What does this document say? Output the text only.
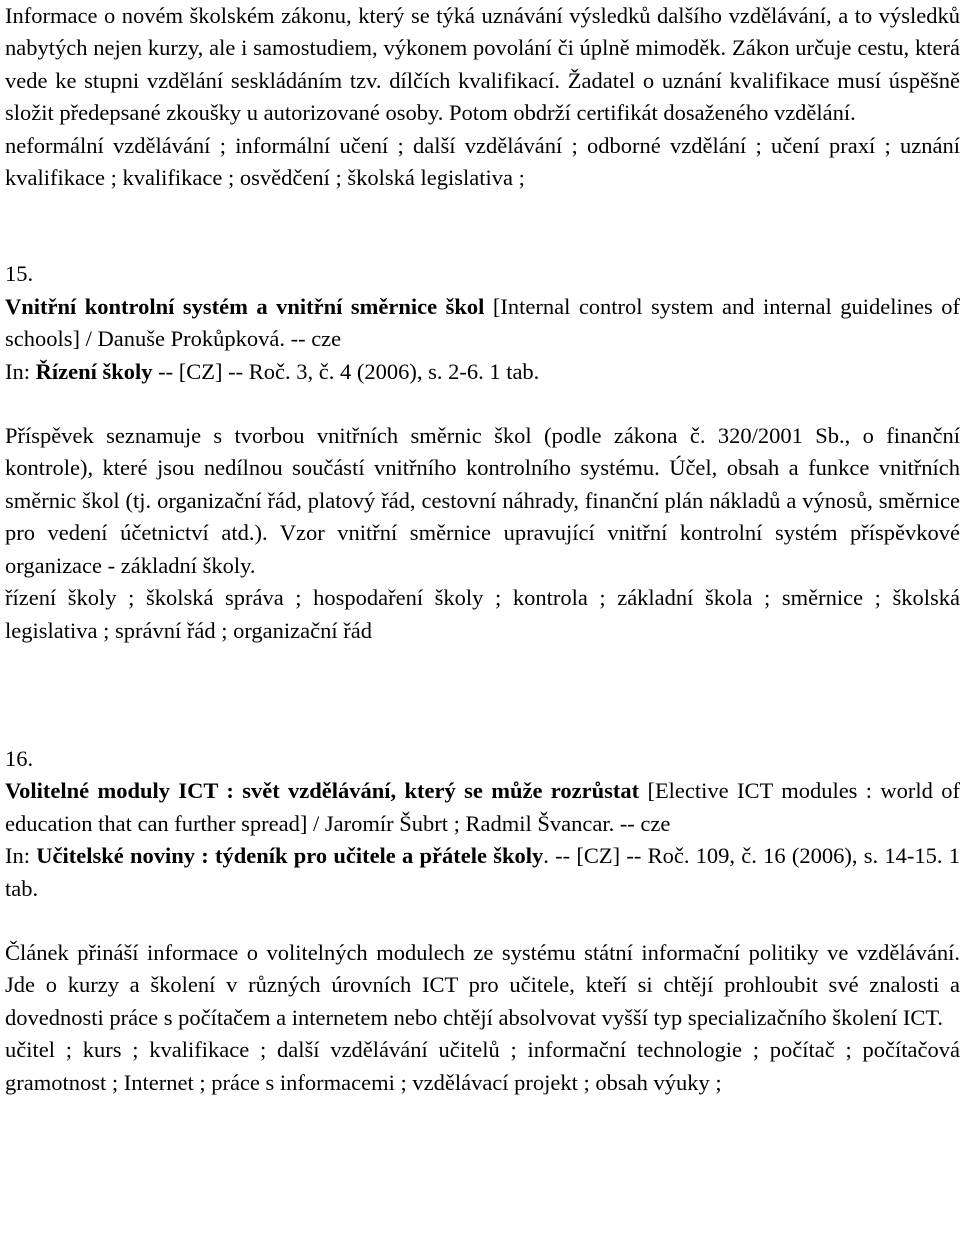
Informace o novém školském zákonu, který se týká uznávání výsledků dalšího vzdělávání, a to výsledků nabytých nejen kurzy, ale i samostudiem, výkonem povolání či úplně mimoděk. Zákon určuje cestu, která vede ke stupni vzdělání seskládáním tzv. dílčích kvalifikací. Žadatel o uznání kvalifikace musí úspěšně složit předepsané zkoušky u autorizované osoby. Potom obdrží certifikát dosaženého vzdělání.

neformální vzdělávání ; informální učení ; další vzdělávání ; odborné vzdělání ; učení praxí ; uznání kvalifikace ; kvalifikace ; osvědčení ; školská legislativa ;

15.

Vnitřní kontrolní systém a vnitřní směrnice škol [Internal control system and internal guidelines of schools] / Danuše Prokůpková. -- cze

In: Řízení školy -- [CZ] -- Roč. 3, č. 4 (2006), s. 2-6. 1 tab.

Příspěvek seznamuje s tvorbou vnitřních směrnic škol (podle zákona č. 320/2001 Sb., o finanční kontrole), které jsou nedílnou součástí vnitřního kontrolního systému. Účel, obsah a funkce vnitřních směrnic škol (tj. organizační řád, platový řád, cestovní náhrady, finanční plán nákladů a výnosů, směrnice pro vedení účetnictví atd.). Vzor vnitřní směrnice upravující vnitřní kontrolní systém příspěvkové organizace - základní školy.

řízení školy ; školská správa ; hospodaření školy ; kontrola ; základní škola ; směrnice ; školská legislativa ; správní řád ; organizační řád

16.

Volitelné moduly ICT : svět vzdělávání, který se může rozrůstat [Elective ICT modules : world of education that can further spread] / Jaromír Šubrt ; Radmil Švancar. -- cze

In: Učitelské noviny : týdeník pro učitele a přátele školy. -- [CZ] -- Roč. 109, č. 16 (2006), s. 14-15. 1 tab.

Článek přináší informace o volitelných modulech ze systému státní informační politiky ve vzdělávání. Jde o kurzy a školení v různých úrovních ICT pro učitele, kteří si chtějí prohloubit své znalosti a dovednosti práce s počítačem a internetem nebo chtějí absolvovat vyšší typ specializačního školení ICT.

učitel ; kurs ; kvalifikace ; další vzdělávání učitelů ; informační technologie ; počítač ; počítačová gramotnost ; Internet ; práce s informacemi ; vzdělávací projekt ; obsah výuky ;
